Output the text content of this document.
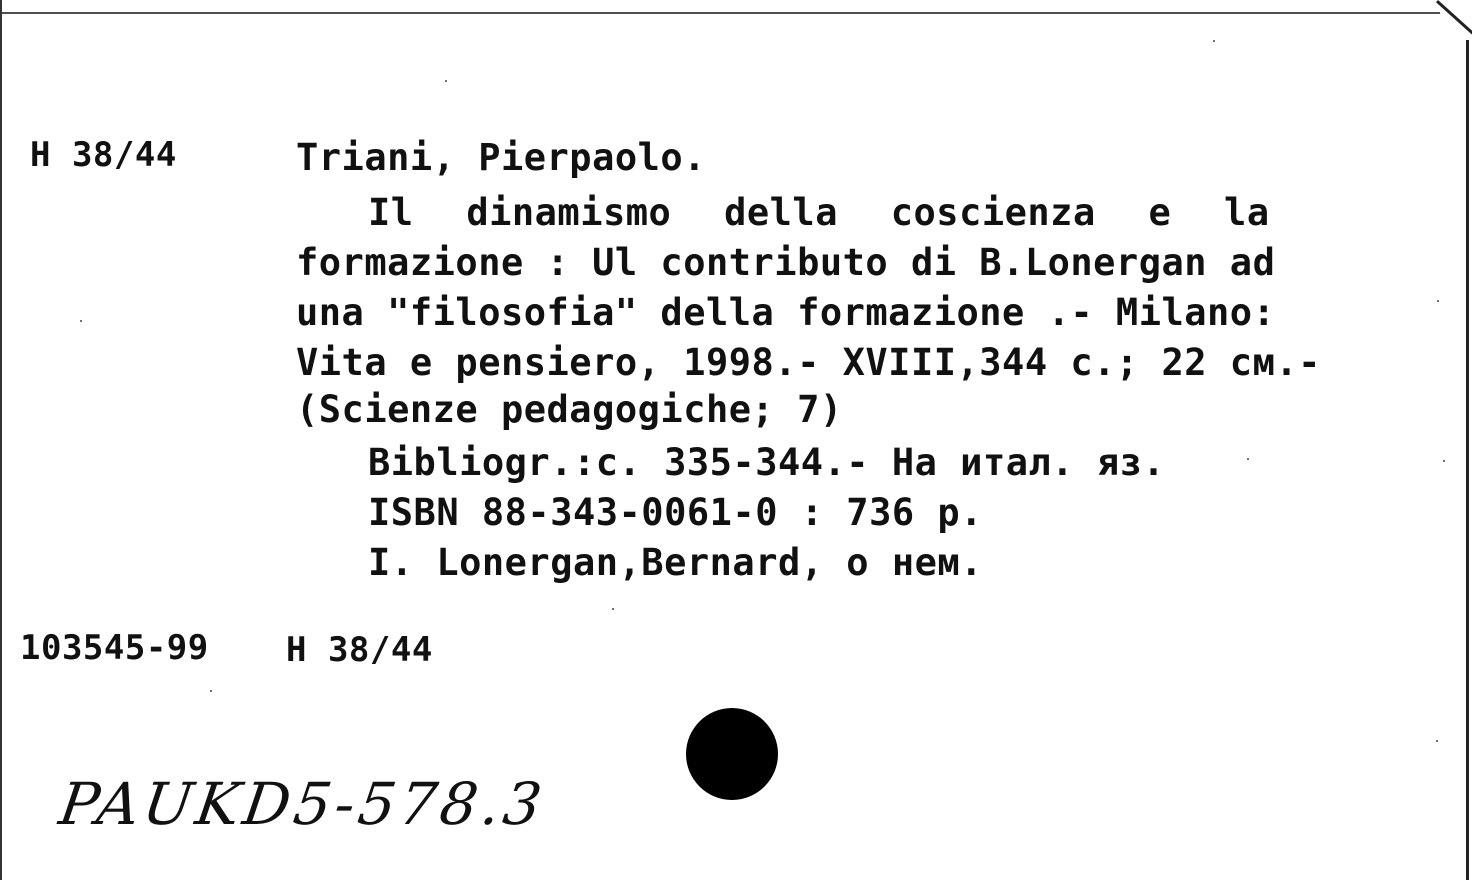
H 38/44	Triani, Pierpaolo.
Il dinamismo della coscienza e la
formazione : Ul contributo di B.Lonergan ad
una "filosofia" della formazione .- Milano:
Vita e pensiero, 1998.- XVIII,344 с.; 22 см.-
(Scienze pedagogiche; 7)
Bibliogr.:c. 335-344.- На итал. яз.
ISBN 88-343-0061-0 : 736 р.
I. Lonergan,Bernard, о нем.
103545-99 H 38/44
PAUKD5-578.3
